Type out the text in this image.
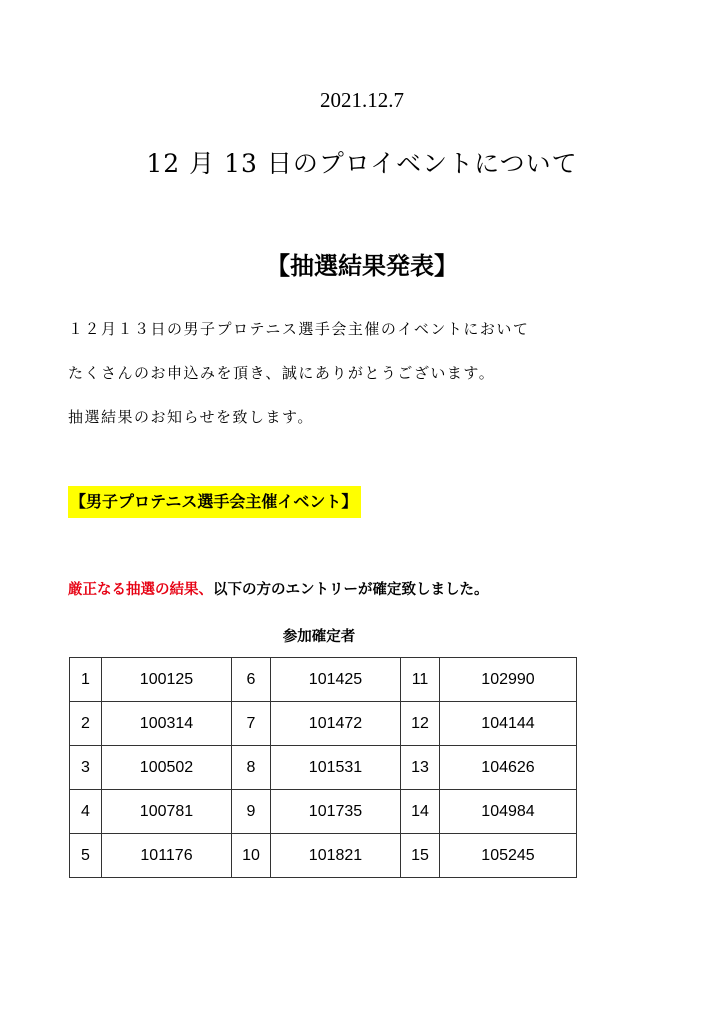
2021.12.7
12 月 13 日のプロイベントについて
【抽選結果発表】
１２月１３日の男子プロテニス選手会主催のイベントにおいて
たくさんのお申込みを頂き、誠にありがとうございます。
抽選結果のお知らせを致します。
【男子プロテニス選手会主催イベント】
厳正なる抽選の結果、以下の方のエントリーが確定致しました。
参加確定者
1	100125	6	101425	11	102990
2	100314	7	101472	12	104144
3	100502	8	101531	13	104626
4	100781	9	101735	14	104984
5	101176	10	101821	15	105245
